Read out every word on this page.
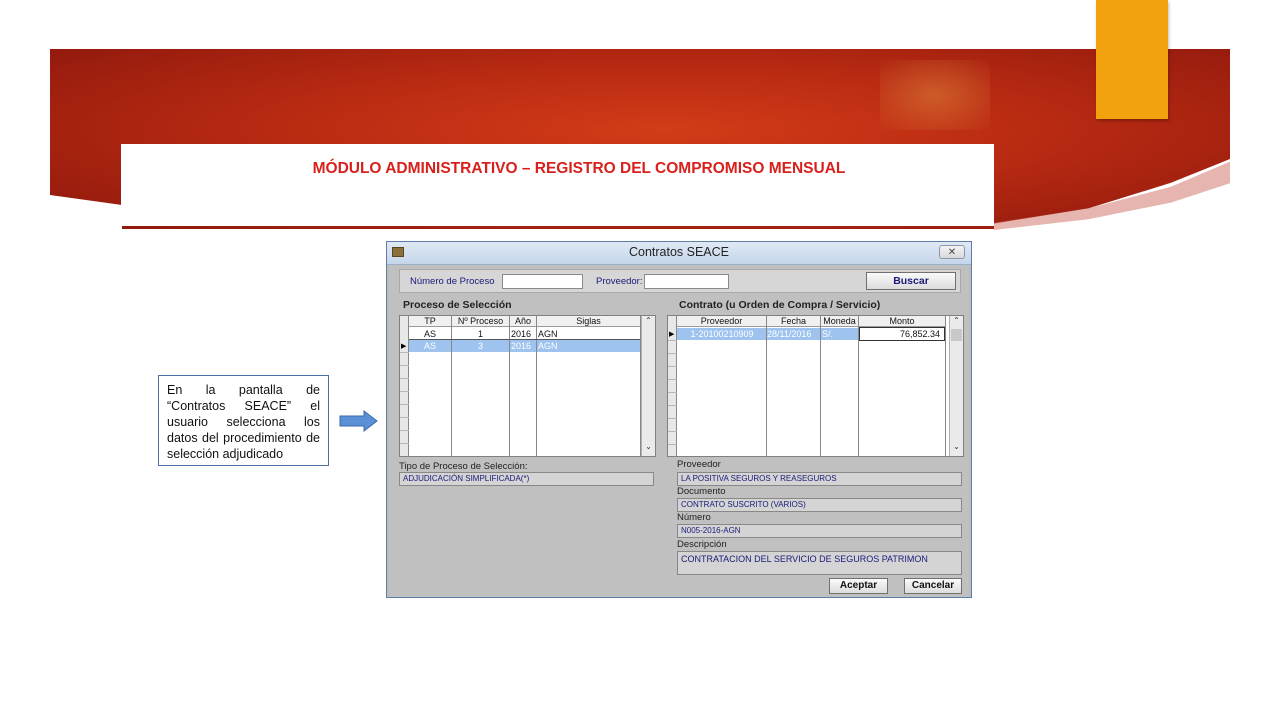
MÓDULO ADMINISTRATIVO – REGISTRO DEL COMPROMISO MENSUAL
En la pantalla de “Contratos SEACE” el usuario selecciona los datos del procedimiento de selección adjudicado
Contratos SEACE	✕
Número de Proceso	Proveedor:	Buscar
Proceso de Selección	Contrato (u Orden de Compra / Servicio)
TP	Nº Proceso	Año	Siglas
▶
AS	1	2016 AGN
AS	3	2016 AGN
⌃
⌄
Proveedor	Fecha	Moneda	Monto
▶	1-20100210909	28/11/2016	S/.	76,852.34
⌃
⌄
Tipo de Proceso de Selección:
ADJUDICACIÓN SIMPLIFICADA(*)
Proveedor
LA POSITIVA SEGUROS Y REASEGUROS
Documento
CONTRATO SUSCRITO (VARIOS)
Número
N005-2016-AGN
Descripción
CONTRATACION DEL SERVICIO DE SEGUROS PATRIMON
Aceptar	Cancelar
